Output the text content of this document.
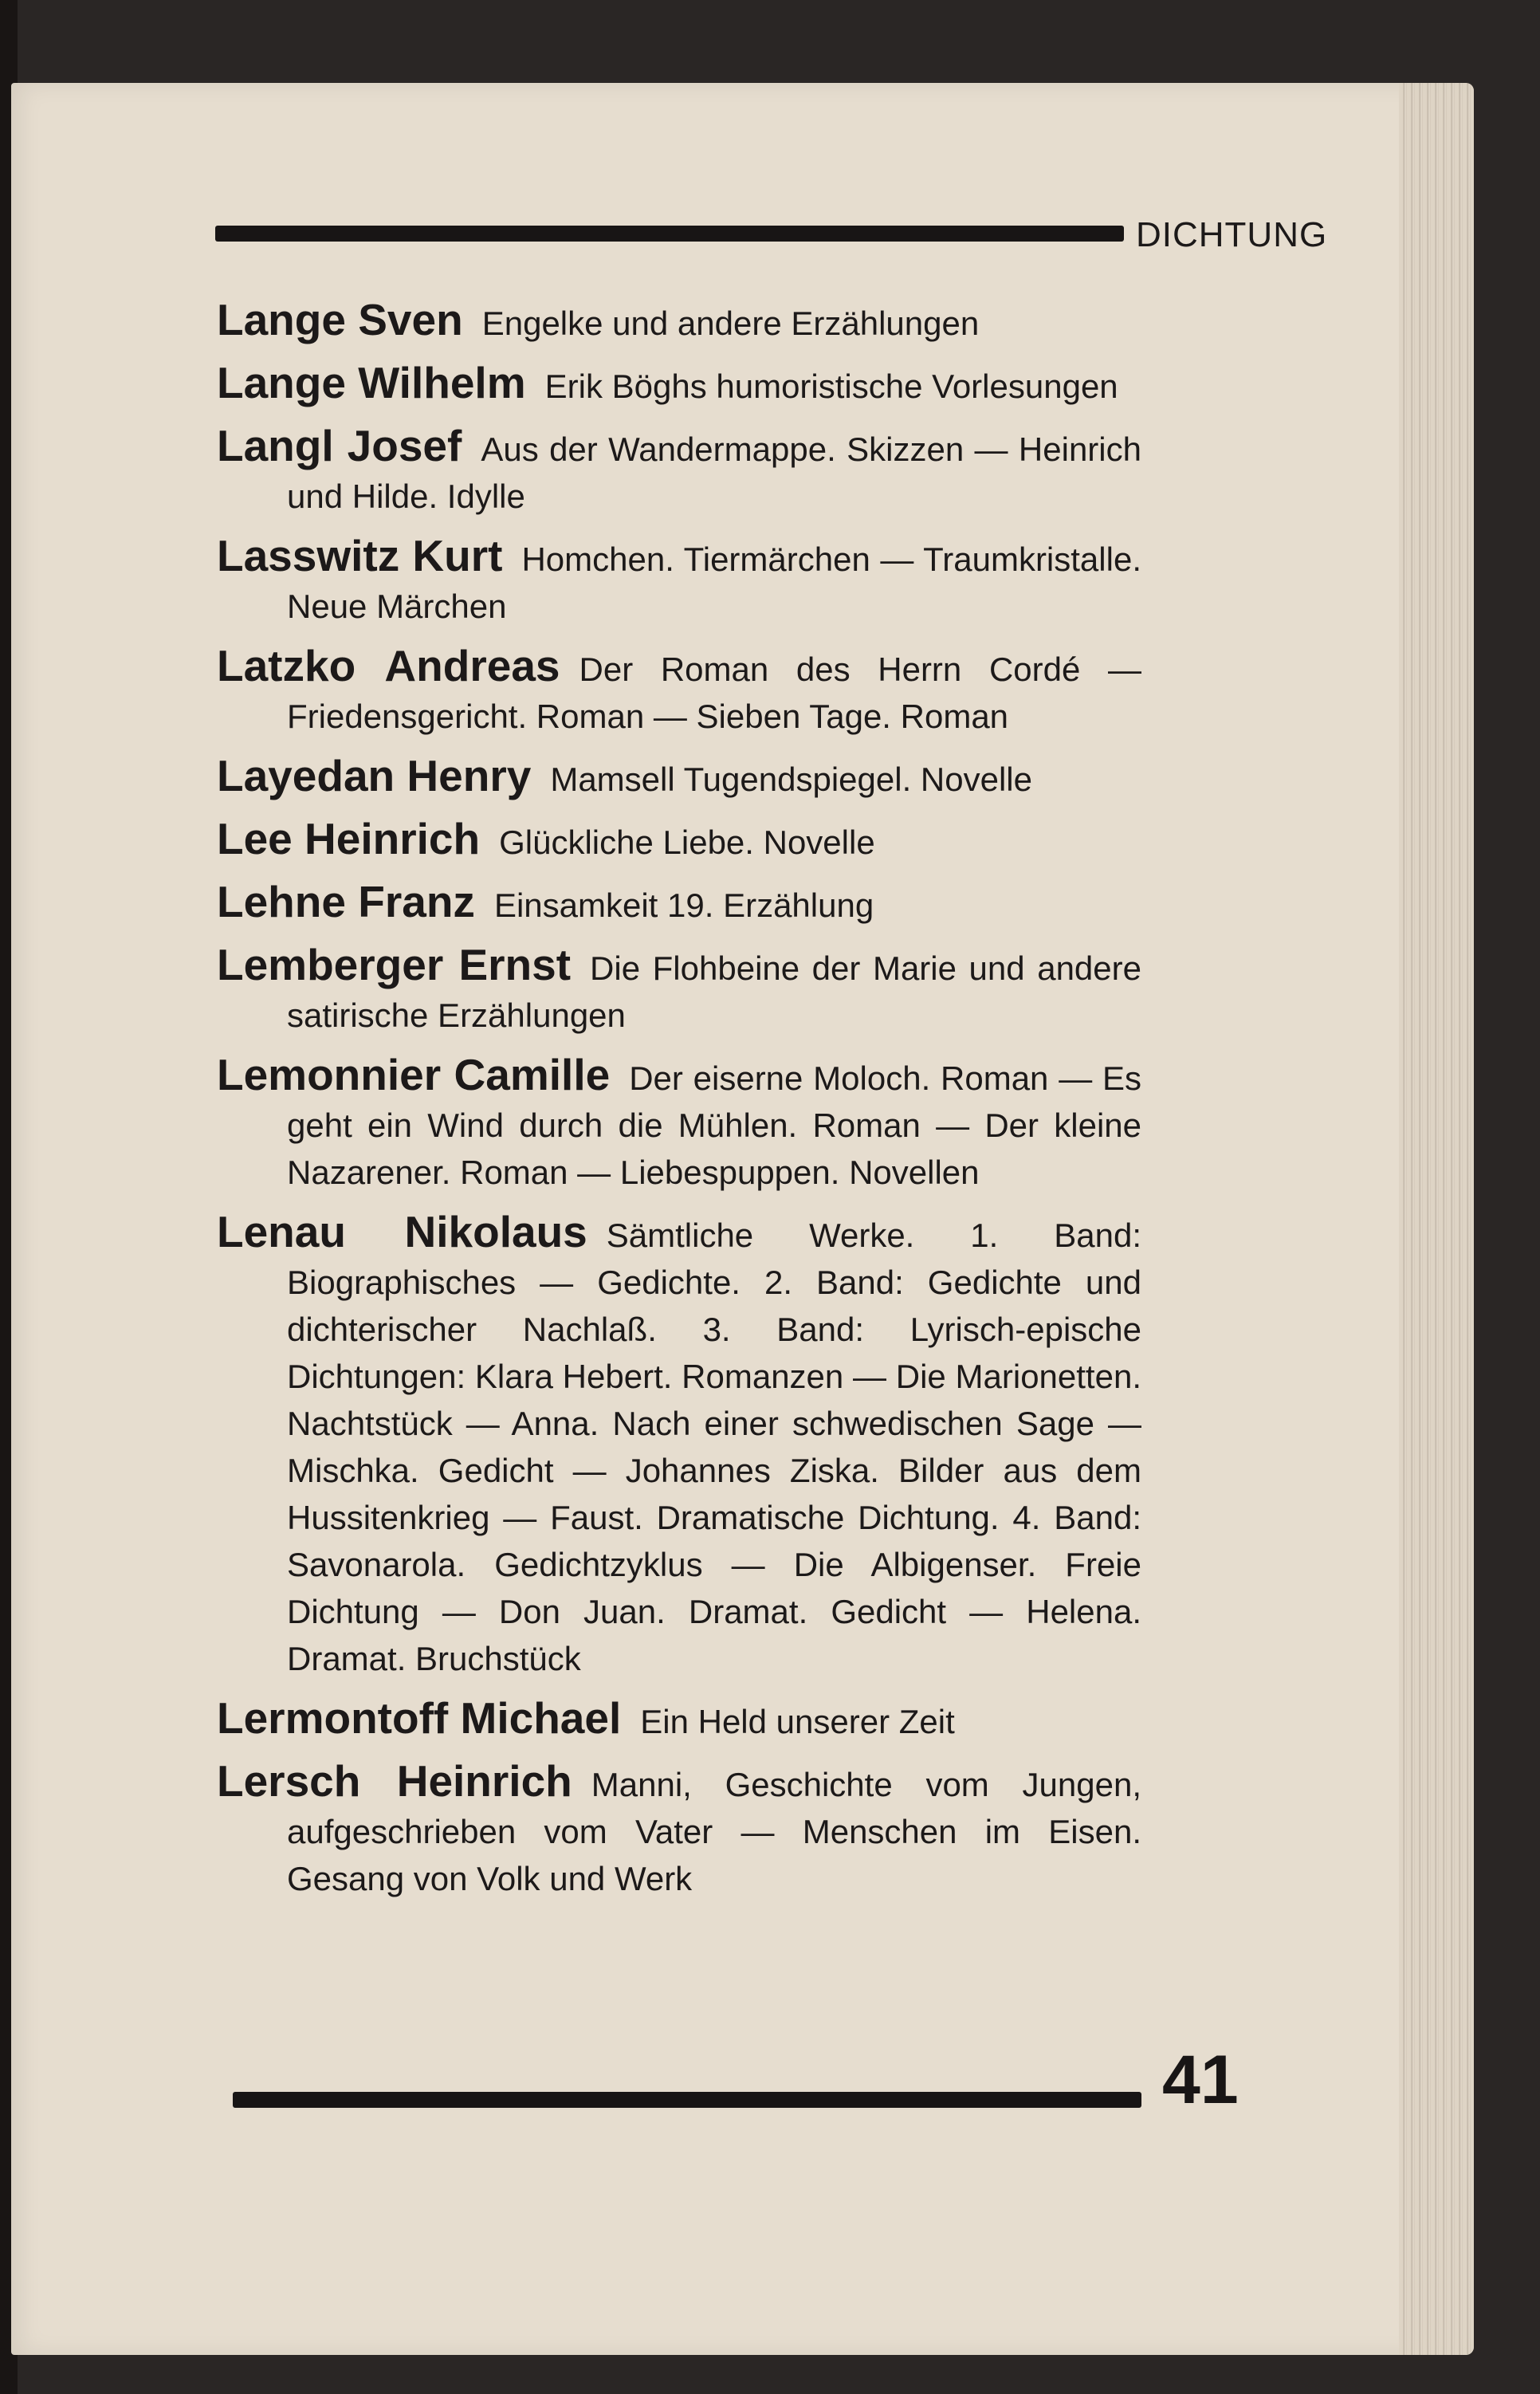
DICHTUNG

Lange Sven Engelke und andere Erzählungen

Lange Wilhelm Erik Böghs humoristische Vorlesungen

Langl Josef Aus der Wandermappe. Skizzen — Heinrich und Hilde. Idylle

Lasswitz Kurt Homchen. Tiermärchen — Traumkristalle. Neue Märchen

Latzko Andreas Der Roman des Herrn Cordé — Friedensgericht. Roman — Sieben Tage. Roman

Layedan Henry Mamsell Tugendspiegel. Novelle

Lee Heinrich Glückliche Liebe. Novelle

Lehne Franz Einsamkeit 19. Erzählung

Lemberger Ernst Die Flohbeine der Marie und andere satirische Erzählungen

Lemonnier Camille Der eiserne Moloch. Roman — Es geht ein Wind durch die Mühlen. Roman — Der kleine Nazarener. Roman — Liebespuppen. Novellen

Lenau Nikolaus Sämtliche Werke. 1. Band: Biographisches — Gedichte. 2. Band: Gedichte und dichterischer Nachlaß. 3. Band: Lyrisch-epische Dichtungen: Klara Hebert. Romanzen — Die Marionetten. Nachtstück — Anna. Nach einer schwedischen Sage — Mischka. Gedicht — Johannes Ziska. Bilder aus dem Hussitenkrieg — Faust. Dramatische Dichtung. 4. Band: Savonarola. Gedichtzyklus — Die Albigenser. Freie Dichtung — Don Juan. Dramat. Gedicht — Helena. Dramat. Bruchstück

Lermontoff Michael Ein Held unserer Zeit

Lersch Heinrich Manni, Geschichte vom Jungen, aufgeschrieben vom Vater — Menschen im Eisen. Gesang von Volk und Werk

41
